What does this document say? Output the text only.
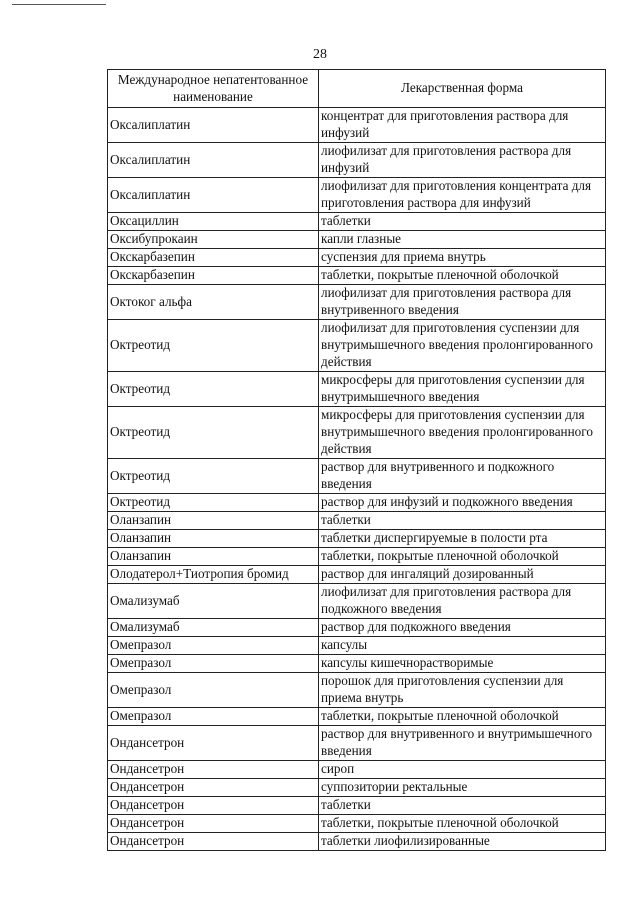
28
Международное непатентованное наименование	Лекарственная форма
Оксалиплатин	концентрат для приготовления раствора для инфузий
Оксалиплатин	лиофилизат для приготовления раствора для инфузий
Оксалиплатин	лиофилизат для приготовления концентрата для приготовления раствора для инфузий
Оксациллин	таблетки
Оксибупрокаин	капли глазные
Окскарбазепин	суспензия для приема внутрь
Окскарбазепин	таблетки, покрытые пленочной оболочкой
Октоког альфа	лиофилизат для приготовления раствора для внутривенного введения
Октреотид	лиофилизат для приготовления суспензии для внутримышечного введения пролонгированного действия
Октреотид	микросферы для приготовления суспензии для внутримышечного введения
Октреотид	микросферы для приготовления суспензии для внутримышечного введения пролонгированного действия
Октреотид	раствор для внутривенного и подкожного введения
Октреотид	раствор для инфузий и подкожного введения
Оланзапин	таблетки
Оланзапин	таблетки диспергируемые в полости рта
Оланзапин	таблетки, покрытые пленочной оболочкой
Олодатерол+Тиотропия бромид	раствор для ингаляций дозированный
Омализумаб	лиофилизат для приготовления раствора для подкожного введения
Омализумаб	раствор для подкожного введения
Омепразол	капсулы
Омепразол	капсулы кишечнорастворимые
Омепразол	порошок для приготовления суспензии для приема внутрь
Омепразол	таблетки, покрытые пленочной оболочкой
Ондансетрон	раствор для внутривенного и внутримышечного введения
Ондансетрон	сироп
Ондансетрон	суппозитории ректальные
Ондансетрон	таблетки
Ондансетрон	таблетки, покрытые пленочной оболочкой
Ондансетрон	таблетки лиофилизированные
